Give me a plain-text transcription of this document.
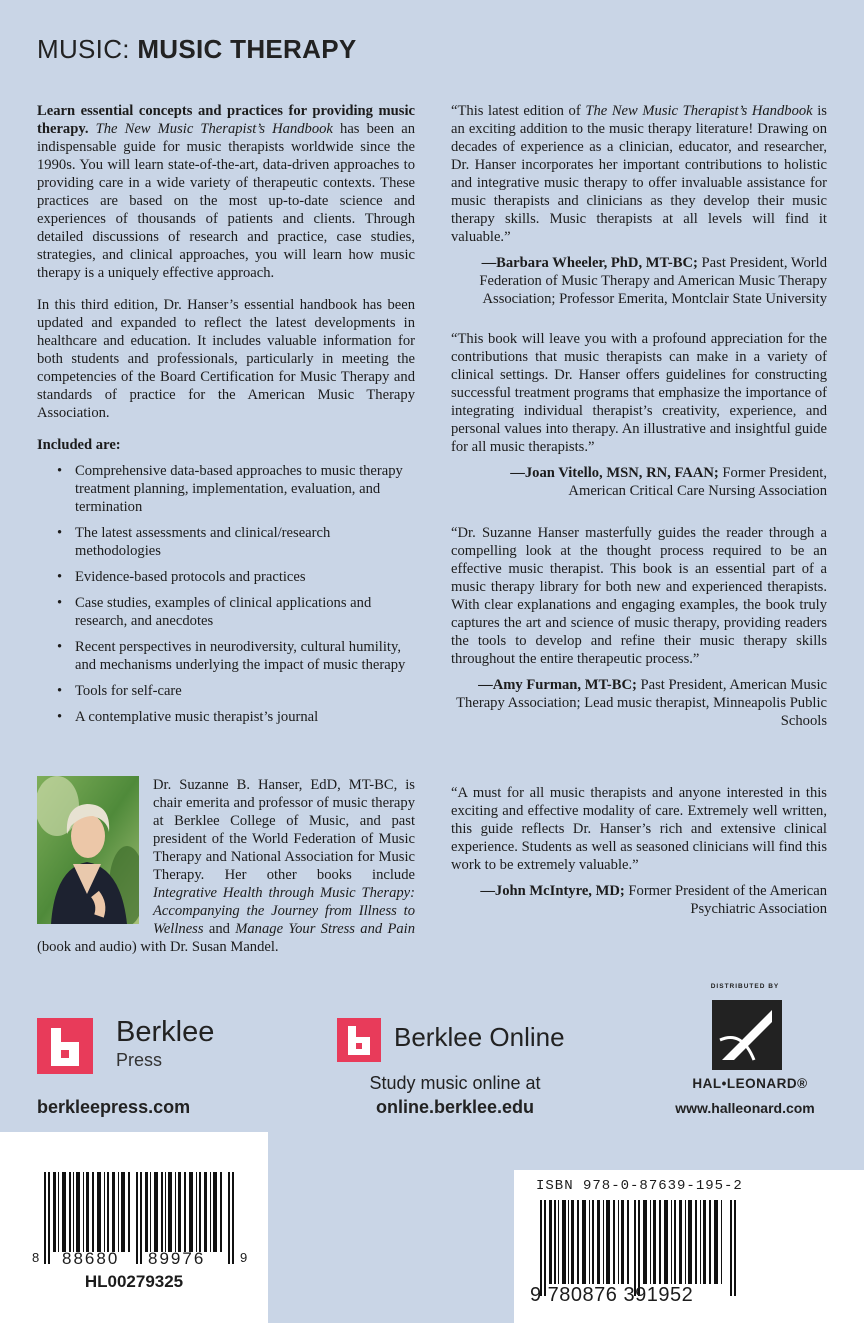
MUSIC: MUSIC THERAPY

Learn essential concepts and practices for providing music therapy. The New Music Therapist’s Handbook has been an indispensable guide for music therapists worldwide since the 1990s. You will learn state-of-the-art, data-driven approaches to providing care in a wide variety of therapeutic contexts. These practices are based on the most up-to-date science and experiences of thousands of patients and clients. Through detailed discussions of research and practice, case studies, strategies, and clinical approaches, you will learn how music therapy is a uniquely effective approach.

In this third edition, Dr. Hanser’s essential handbook has been updated and expanded to reflect the latest developments in healthcare and education. It includes valuable information for both students and professionals, particularly in meeting the competencies of the Board Certification for Music Therapy and standards of practice for the American Music Therapy Association.

Included are:
• Comprehensive data-based approaches to music therapy treatment planning, implementation, evaluation, and termination
• The latest assessments and clinical/research methodologies
• Evidence-based protocols and practices
• Case studies, examples of clinical applications and research, and anecdotes
• Recent perspectives in neurodiversity, cultural humility, and mechanisms underlying the impact of music therapy
• Tools for self-care
• A contemplative music therapist’s journal
Dr. Suzanne B. Hanser, EdD, MT-BC, is chair emerita and professor of music therapy at Berklee College of Music, and past president of the World Federation of Music Therapy and National Association for Music Therapy. Her other books include Integrative Health through Music Therapy: Accompanying the Journey from Illness to Wellness and Manage Your Stress and Pain (book and audio) with Dr. Susan Mandel.

“This latest edition of The New Music Therapist’s Handbook is an exciting addition to the music therapy literature! Drawing on decades of experience as a clinician, educator, and researcher, Dr. Hanser incorporates her important contributions to holistic and integrative music therapy to offer invaluable assistance for music therapists and clinicians as they develop their music therapy skills. Music therapists at all levels will find it valuable.”

—Barbara Wheeler, PhD, MT-BC; Past President, World Federation of Music Therapy and American Music Therapy Association; Professor Emerita, Montclair State University

“This book will leave you with a profound appreciation for the contributions that music therapists can make in a variety of clinical settings. Dr. Hanser offers guidelines for constructing successful treatment programs that emphasize the importance of integrating individual therapist’s creativity, experience, and personal values into therapy. An illustrative and insightful guide for all music therapists.”

—Joan Vitello, MSN, RN, FAAN; Former President, American Critical Care Nursing Association

“Dr. Suzanne Hanser masterfully guides the reader through a compelling look at the thought process required to be an effective music therapist. This book is an essential part of a music therapy library for both new and experienced therapists. With clear explanations and engaging examples, the book truly captures the art and science of music therapy, providing readers the tools to develop and refine their music therapy skills throughout the entire therapeutic process.”

—Amy Furman, MT-BC; Past President, American Music Therapy Association; Lead music therapist, Minneapolis Public Schools

“A must for all music therapists and anyone interested in this exciting and effective modality of care. Extremely well written, this guide reflects Dr. Hanser’s rich and extensive clinical experience. Students as well as seasoned clinicians will find this work to be extremely valuable.”

—John McIntyre, MD; Former President of the American Psychiatric Association

Berklee
Press
berkleepress.com
Berklee Online
Study music online at
online.berklee.edu
DISTRIBUTED BY
HAL•LEONARD®
www.halleonard.com
8 88680 89976	9
HL00279325
ISBN 978-0-87639-195-2
9 780876 391952
